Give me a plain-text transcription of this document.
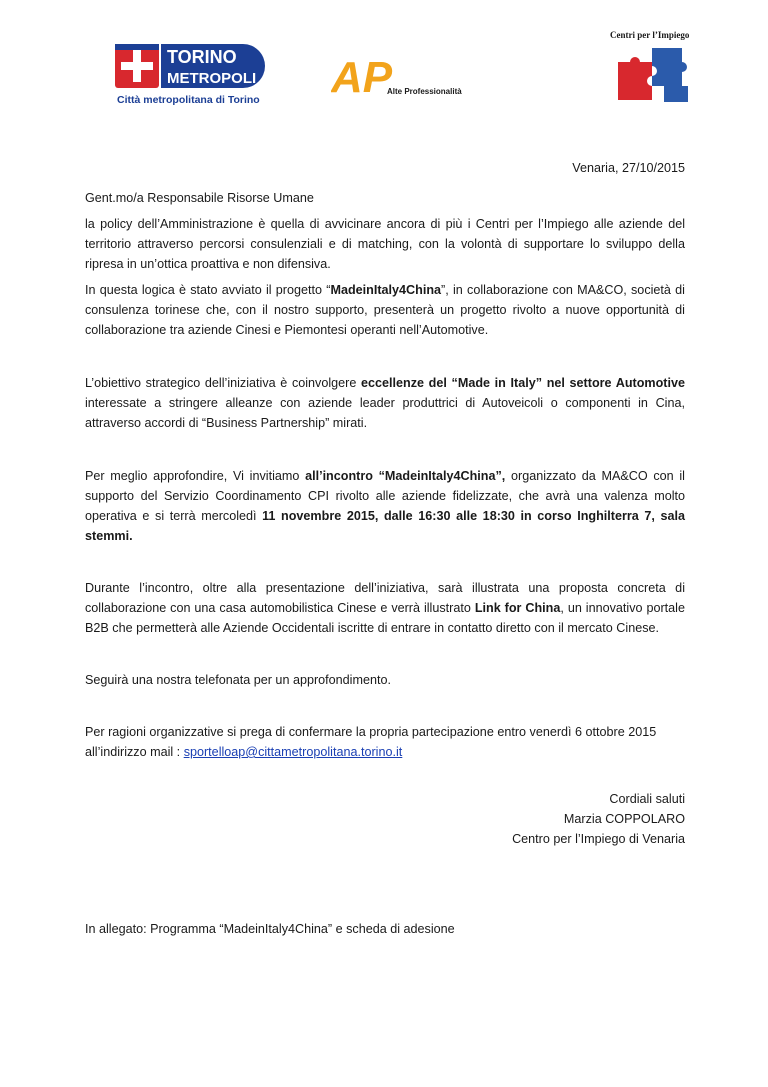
TORINO
METROPOLI
Città metropolitana di Torino AP
Alte Professionalità
Centri per l’Impiego

Venaria, 27/10/2015

Gent.mo/a Responsabile Risorse Umane

la policy dell’Amministrazione è quella di avvicinare ancora di più i Centri per l’Impiego alle aziende del territorio attraverso percorsi consulenziali e di matching, con la volontà di supportare lo sviluppo della ripresa in un’ottica proattiva e non difensiva.

In questa logica è stato avviato il progetto “MadeinItaly4China”, in collaborazione con MA&CO, società di consulenza torinese che, con il nostro supporto, presenterà un progetto rivolto a nuove opportunità di collaborazione tra aziende Cinesi e Piemontesi operanti nell’Automotive.

L’obiettivo strategico dell’iniziativa è coinvolgere eccellenze del “Made in Italy” nel settore Automotive interessate a stringere alleanze con aziende leader produttrici di Autoveicoli o componenti in Cina, attraverso accordi di “Business Partnership” mirati.

Per meglio approfondire, Vi invitiamo all’incontro “MadeinItaly4China”, organizzato da MA&CO con il supporto del Servizio Coordinamento CPI rivolto alle aziende fidelizzate, che avrà una valenza molto operativa e si terrà mercoledì 11 novembre 2015, dalle 16:30 alle 18:30 in corso Inghilterra 7, sala stemmi.

Durante l’incontro, oltre alla presentazione dell’iniziativa, sarà illustrata una proposta concreta di collaborazione con una casa automobilistica Cinese e verrà illustrato Link for China, un innovativo portale B2B che permetterà alle Aziende Occidentali iscritte di entrare in contatto diretto con il mercato Cinese.

Seguirà una nostra telefonata per un approfondimento.

Per ragioni organizzative si prega di confermare la propria partecipazione entro venerdì 6 ottobre 2015 all’indirizzo mail : sportelloap@cittametropolitana.torino.it

Cordiali saluti
Marzia COPPOLARO
Centro per l’Impiego di Venaria

In allegato: Programma “MadeinItaly4China” e scheda di adesione
